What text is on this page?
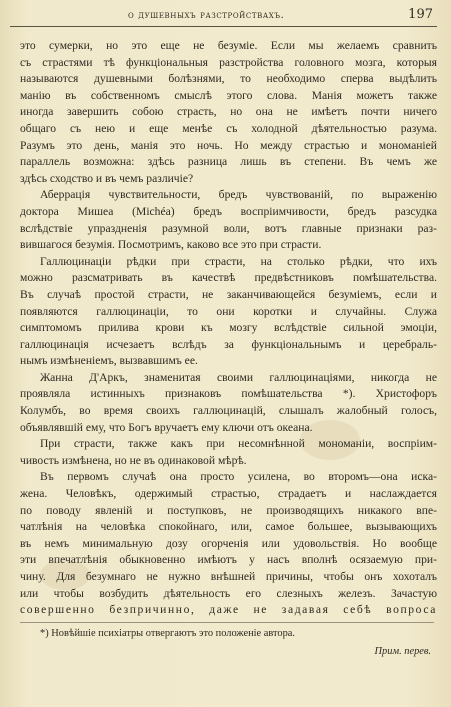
о душевныхъ разстройствахъ.	197
это сумерки, но это еще не безуміе. Если мы желаемъ сравнить
съ страстями тѣ функціональныя разстройства головного мозга, которыя
называются душевными болѣзнями, то необходимо сперва выдѣлить
манію въ собственномъ смыслѣ этого слова. Манія можетъ также
иногда завершить собою страсть, но она не имѣетъ почти ничего
общаго съ нею и еще менѣе съ холодной дѣятельностью разума.
Разумъ это день, манія это ночь. Но между страстью и мономаніей
параллель возможна: здѣсь разница лишь въ степени. Въ чемъ же
здѣсь сходство и въ чемъ различіе?
Аберрація чувствительности, бредъ чувствованій, по выраженію
доктора Мишеа (Michéa) бредъ воспріимчивости, бредъ разсудка
вслѣдствіе упраздненія разумной воли, вотъ главные признаки раз-
вившагося безумія. Посмотримъ, каково все это при страсти.
Галлюцинаціи рѣдки при страсти, на столько рѣдки, что ихъ
можно разсматривать въ качествѣ предвѣстниковъ помѣшательства.
Въ случаѣ простой страсти, не заканчивающейся безуміемъ, если и
появляются галлюцинаціи, то они коротки и случайны. Служа
симптомомъ прилива крови къ мозгу вслѣдствіе сильной эмоціи,
галлюцинація исчезаетъ вслѣдъ за функціональнымъ и церебраль-
нымъ измѣненіемъ, вызвавшимъ ее.
Жанна Д'Аркъ, знаменитая своими галлюцинаціями, никогда не
проявляла истинныхъ признаковъ помѣшательства *). Христофоръ
Колумбъ, во время своихъ галлюцинацій, слышалъ жалобный голосъ,
объявлявшій ему, что Богъ вручаетъ ему ключи отъ океана.
При страсти, также какъ при несомнѣнной мономаніи, воспріим-
чивость измѣнена, но не въ одинаковой мѣрѣ.
Въ первомъ случаѣ она просто усилена, во второмъ—она иска-
жена. Человѣкъ, одержимый страстью, страдаетъ и наслаждается
по поводу явленій и поступковъ, не производящихъ никакого впе-
чатлѣнія на человѣка спокойнаго, или, самое большее, вызывающихъ
въ немъ минимальную дозу огорченія или удовольствія. Но вообще
эти впечатлѣнія обыкновенно имѣютъ у насъ вполнѣ осязаемую при-
чину. Для безумнаго не нужно внѣшней причины, чтобы онъ хохоталъ
или чтобы возбудить дѣятельность его слезныхъ железъ. Зачастую
совершенно безпричинно, даже не задавая себѣ вопроса
*) Новѣйшіе психіатры отвергаютъ это положеніе автора.
Прим. перев.
